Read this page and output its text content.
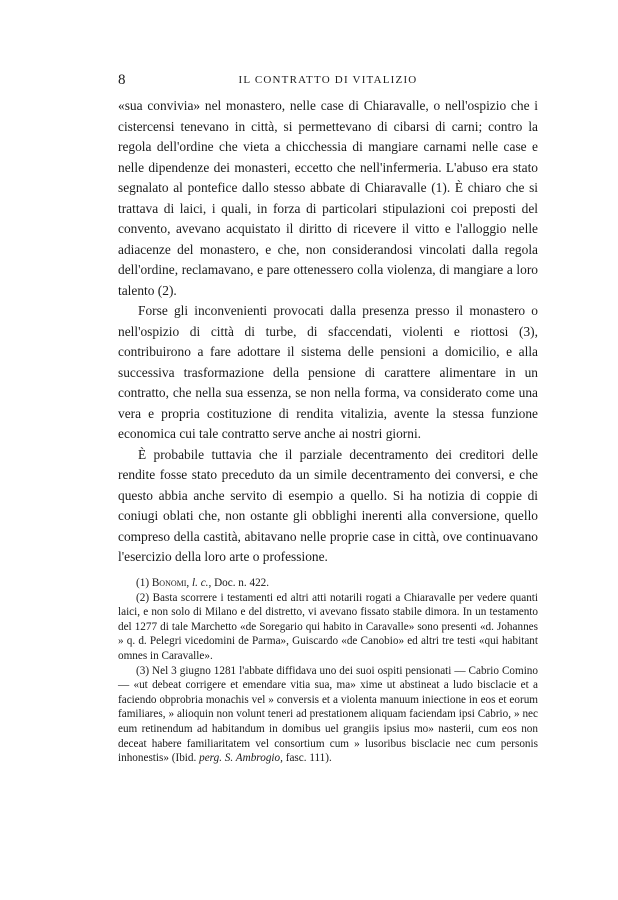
8	IL CONTRATTO DI VITALIZIO

«sua convivia» nel monastero, nelle case di Chiaravalle, o nell'ospizio che i cistercensi tenevano in città, si permettevano di cibarsi di carni; contro la regola dell'ordine che vieta a chicchessia di mangiare carnami nelle case e nelle dipendenze dei monasteri, eccetto che nell'infermeria. L'abuso era stato segnalato al pontefice dallo stesso abbate di Chiaravalle (1). È chiaro che si trattava di laici, i quali, in forza di particolari stipulazioni coi preposti del convento, avevano acquistato il diritto di ricevere il vitto e l'alloggio nelle adiacenze del monastero, e che, non considerandosi vincolati dalla regola dell'ordine, reclamavano, e pare ottenessero colla violenza, di mangiare a loro talento (2).

Forse gli inconvenienti provocati dalla presenza presso il monastero o nell'ospizio di città di turbe, di sfaccendati, violenti e riottosi (3), contribuirono a fare adottare il sistema delle pensioni a domicilio, e alla successiva trasformazione della pensione di carattere alimentare in un contratto, che nella sua essenza, se non nella forma, va considerato come una vera e propria costituzione di rendita vitalizia, avente la stessa funzione economica cui tale contratto serve anche ai nostri giorni.

È probabile tuttavia che il parziale decentramento dei creditori delle rendite fosse stato preceduto da un simile decentramento dei conversi, e che questo abbia anche servito di esempio a quello. Si ha notizia di coppie di coniugi oblati che, non ostante gli obblighi inerenti alla conversione, quello compreso della castità, abitavano nelle proprie case in città, ove continuavano l'esercizio della loro arte o professione.

(1) Bonomi, l. c., Doc. n. 422.

(2) Basta scorrere i testamenti ed altri atti notarili rogati a Chiaravalle per vedere quanti laici, e non solo di Milano e del distretto, vi avevano fissato stabile dimora. In un testamento del 1277 di tale Marchetto «de Soregario qui habito in Caravalle» sono presenti «d. Johannes » q. d. Pelegri vicedomini de Parma», Guiscardo «de Canobio» ed altri tre testi «qui habitant omnes in Caravalle».

(3) Nel 3 giugno 1281 l'abbate diffidava uno dei suoi ospiti pensionati — Cabrio Comino — «ut debeat corrigere et emendare vitia sua, ma» xime ut abstineat a ludo bisclacie et a faciendo obprobria monachis vel » conversis et a violenta manuum iniectione in eos et eorum familiares, » alioquin non volunt teneri ad prestationem aliquam faciendam ipsi Cabrio, » nec eum retinendum ad habitandum in domibus uel grangiis ipsius mo» nasterii, cum eos non deceat habere familiaritatem vel consortium cum » lusoribus bisclacie nec cum personis inhonestis» (Ibid. perg. S. Ambrogio, fasc. 111).
